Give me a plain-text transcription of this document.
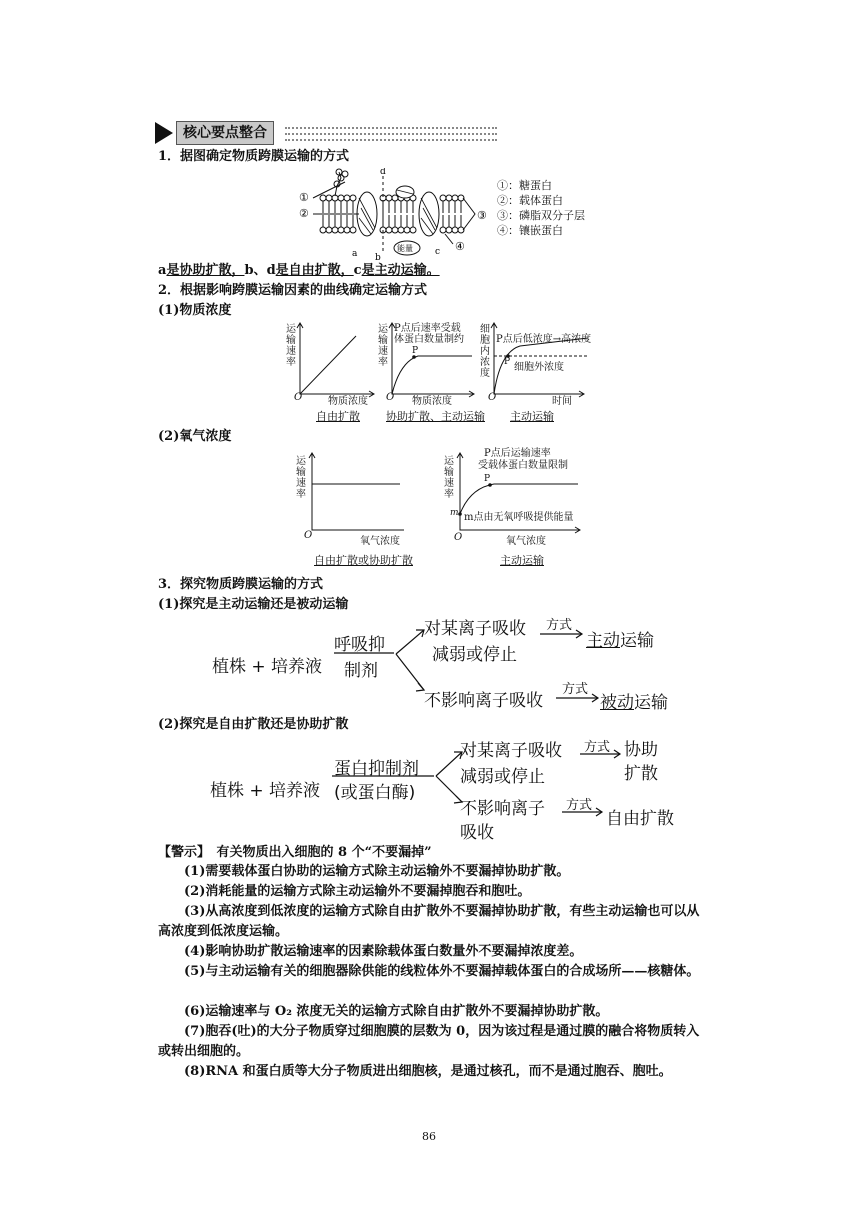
核心要点整合
1．据图确定物质跨膜运输的方式
d
①
②	③
④
a b
c
能量
①：糖蛋白
②：载体蛋白
③：磷脂双分子层
④：镶嵌蛋白
a是协助扩散，b、d是自由扩散，c是主动运输。
2．根据影响跨膜运输因素的曲线确定运输方式
(1)物质浓度
运
输
速
率
O	物质浓度
自由扩散
运
输
速
率
P点后速率受载
体蛋白数量制约
P
O 物质浓度
协助扩散、主动运输
细
胞
内
浓
度
P点后低浓度→高浓度
P 细胞外浓度
O	时间
主动运输
(2)氧气浓度
运
输
速
率
O
氧气浓度
自由扩散或协助扩散
运
输
速
率
P点后运输速率
受载体蛋白数量限制
P
m m点由无氧呼吸提供能量
O	氧气浓度
主动运输
3．探究物质跨膜运输的方式
(1)探究是主动运输还是被动运输
植株 + 培养液
呼吸抑
制剂
对某离子吸收
减弱或停止
方式
主动运输
不影响离子吸收
方式
被动运输
(2)探究是自由扩散还是协助扩散
植株 + 培养液
蛋白抑制剂
(或蛋白酶)
对某离子吸收
减弱或停止
方式 协助
扩散
不影响离子
吸收
方式
自由扩散
【警示】　有关物质出入细胞的 8 个“不要漏掉”
(1)需要载体蛋白协助的运输方式除主动运输外不要漏掉协助扩散。
(2)消耗能量的运输方式除主动运输外不要漏掉胞吞和胞吐。
(3)从高浓度到低浓度的运输方式除自由扩散外不要漏掉协助扩散，有些主动运输也可以从高浓度到低浓度运输。
(4)影响协助扩散运输速率的因素除载体蛋白数量外不要漏掉浓度差。
(5)与主动运输有关的细胞器除供能的线粒体外不要漏掉载体蛋白的合成场所——核糖体。
(6)运输速率与 O₂ 浓度无关的运输方式除自由扩散外不要漏掉协助扩散。
(7)胞吞(吐)的大分子物质穿过细胞膜的层数为 0，因为该过程是通过膜的融合将物质转入或转出细胞的。
(8)RNA 和蛋白质等大分子物质进出细胞核，是通过核孔，而不是通过胞吞、胞吐。
86
